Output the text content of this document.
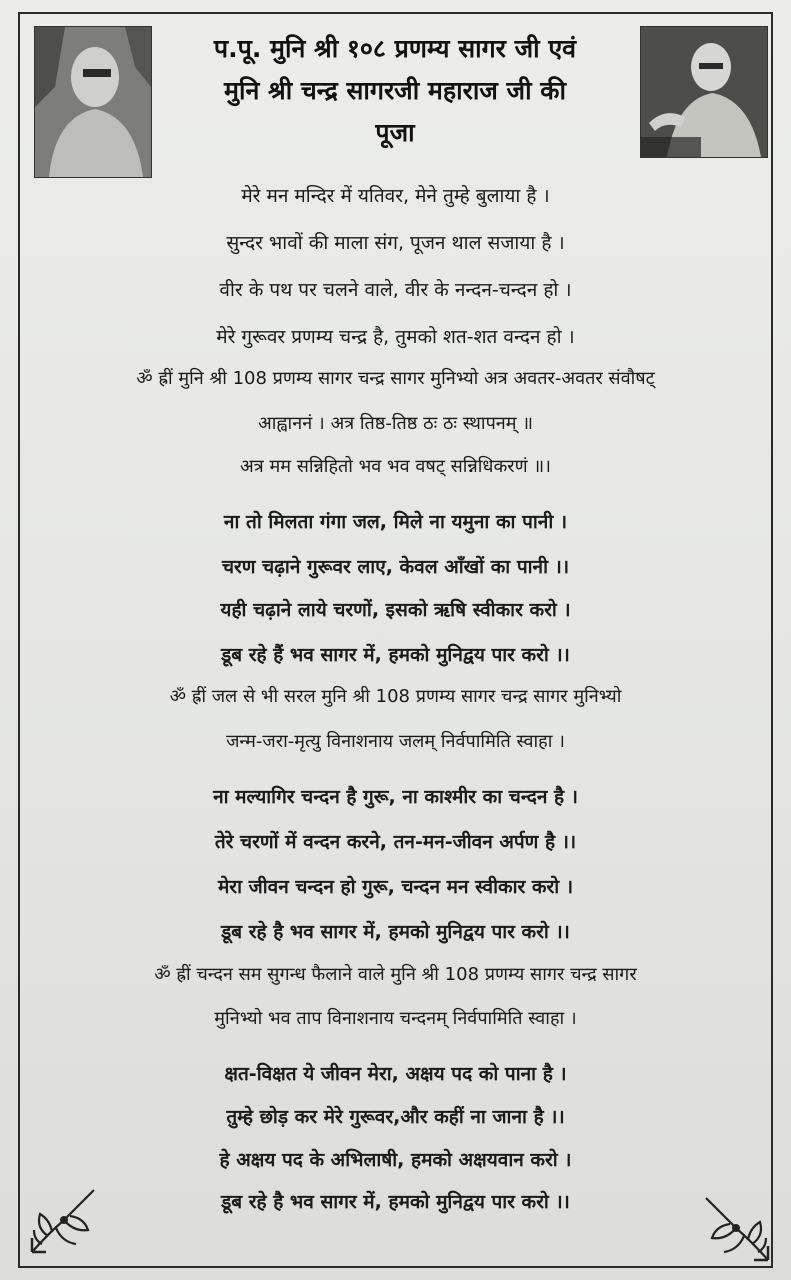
प.पू. मुनि श्री १०८ प्रणम्य सागर जी एवं
मुनि श्री चन्द्र सागरजी महाराज जी की
पूजा
मेरे मन मन्दिर में यतिवर, मेने तुम्हे बुलाया है ।
सुन्दर भावों की माला संग, पूजन थाल सजाया है ।
वीर के पथ पर चलने वाले, वीर के नन्दन-चन्दन हो ।
मेरे गुरूवर प्रणम्य चन्द्र है, तुमको शत-शत वन्दन हो ।
ॐ ह्रीं मुनि श्री 108 प्रणम्य सागर चन्द्र सागर मुनिभ्यो अत्र अवतर-अवतर संवौषट्
आह्वाननं । अत्र तिष्ठ-तिष्ठ ठः ठः स्थापनम् ॥
अत्र मम सन्निहितो भव भव वषट् सन्निधिकरणं ॥।
ना तो मिलता गंगा जल, मिले ना यमुना का पानी ।
चरण चढ़ाने गुरूवर लाए, केवल आँखों का पानी ।।
यही चढ़ाने लाये चरणों, इसको ऋषि स्वीकार करो ।
डूब रहे हैं भव सागर में, हमको मुनिद्वय पार करो ।।
ॐ ह्रीं जल से भी सरल मुनि श्री 108 प्रणम्य सागर चन्द्र सागर मुनिभ्यो
जन्म-जरा-मृत्यु विनाशनाय जलम् निर्वपामिति स्वाहा ।
ना मल्यागिर चन्दन है गुरू, ना काश्मीर का चन्दन है ।
तेरे चरणों में वन्दन करने, तन-मन-जीवन अर्पण है ।।
मेरा जीवन चन्दन हो गुरू, चन्दन मन स्वीकार करो ।
डूब रहे है भव सागर में, हमको मुनिद्वय पार करो ।।
ॐ ह्रीं चन्दन सम सुगन्ध फैलाने वाले मुनि श्री 108 प्रणम्य सागर चन्द्र सागर
मुनिभ्यो भव ताप विनाशनाय चन्दनम् निर्वपामिति स्वाहा ।
क्षत-विक्षत ये जीवन मेरा, अक्षय पद को पाना है ।
तुम्हे छोड़ कर मेरे गुरूवर,और कहीं ना जाना है ।।
हे अक्षय पद के अभिलाषी, हमको अक्षयवान करो ।
डूब रहे है भव सागर में, हमको मुनिद्वय पार करो ।।
